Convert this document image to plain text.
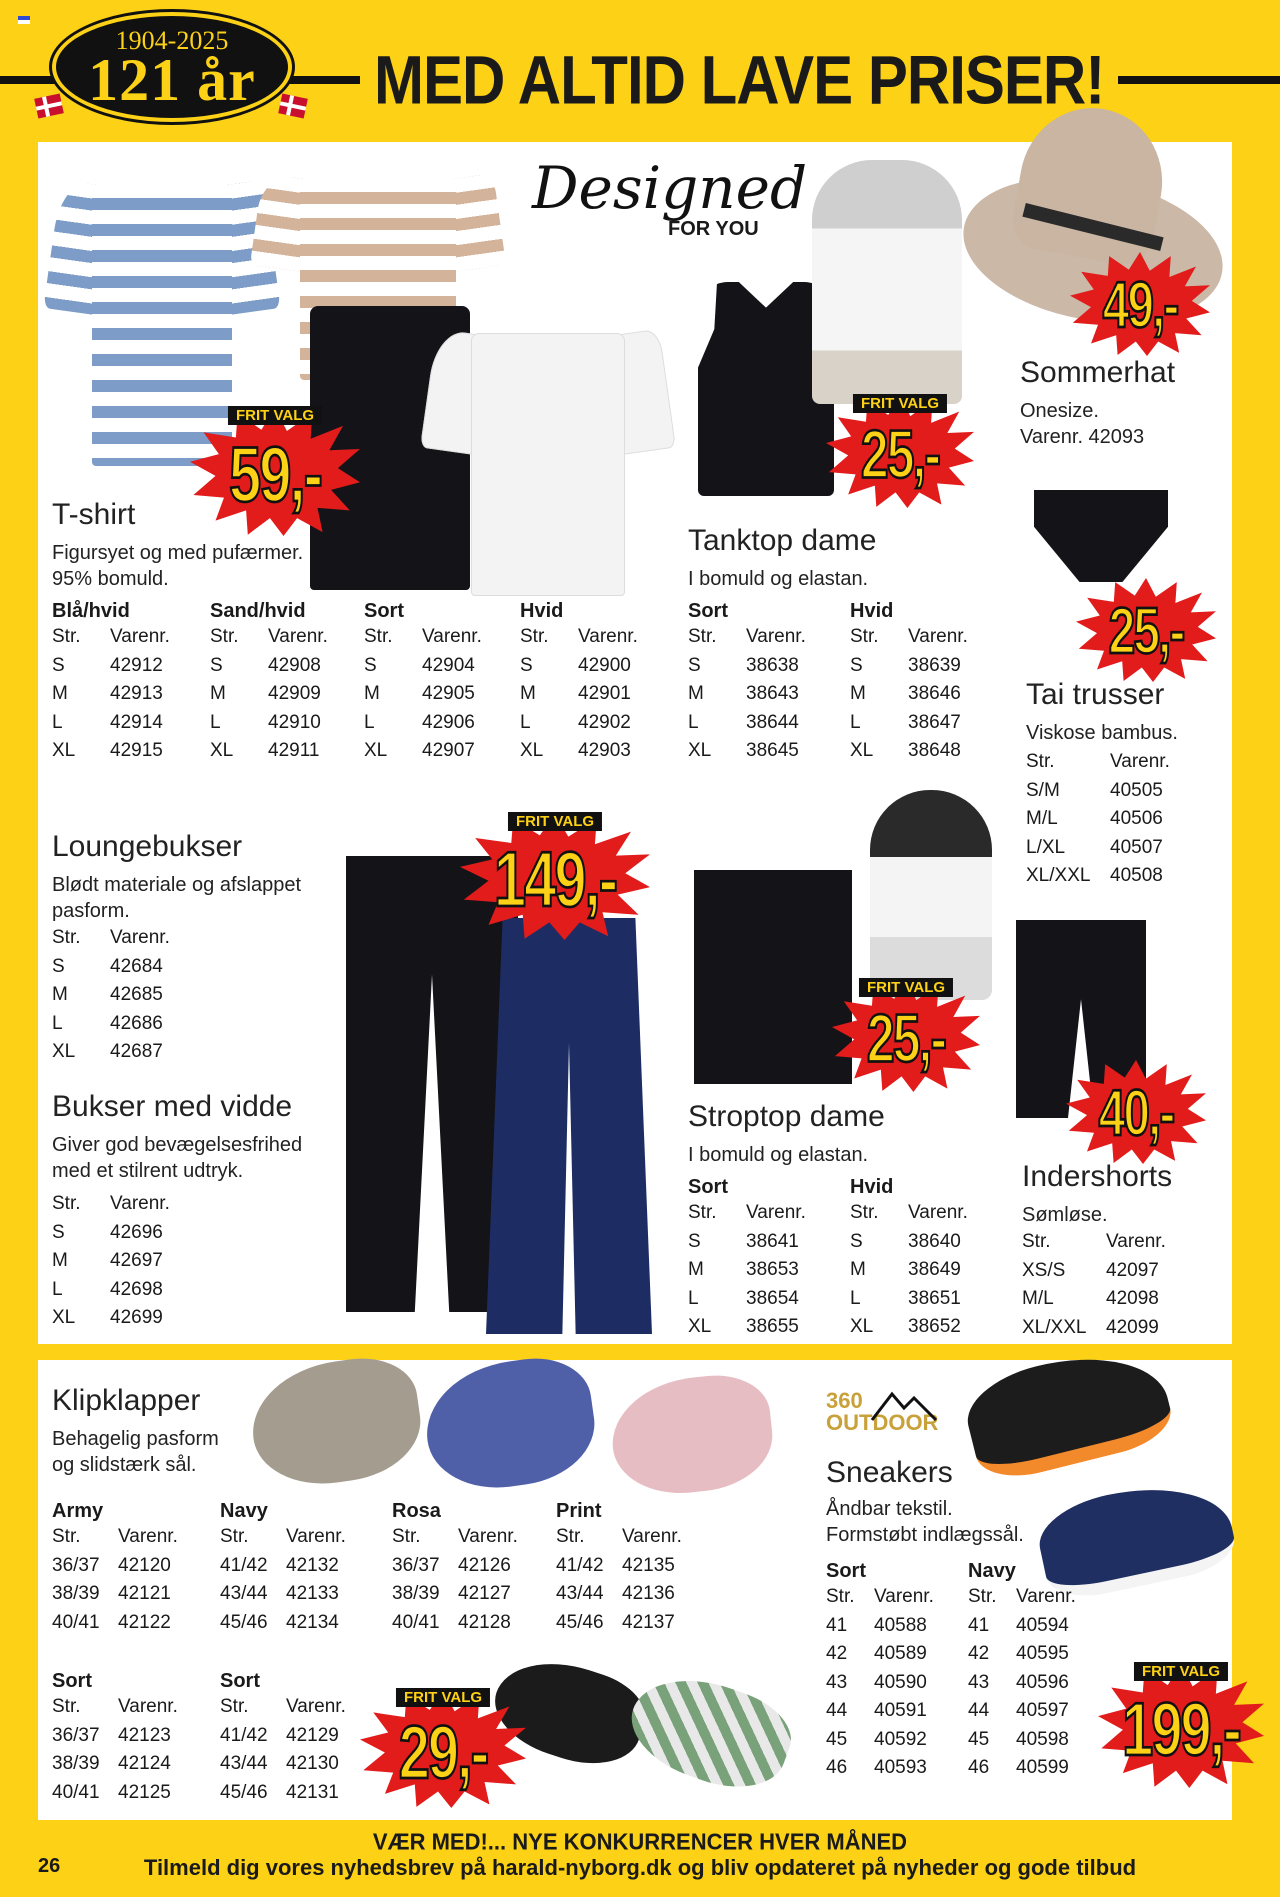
MED ALTID LAVE PRISER!
1904-2025
121 år
Designed
FOR YOU
360
OUTDOOR
T-shirt
Figursyet og med pufærmer.
95% bomuld.
Tanktop dame
I bomuld og elastan.
Sommerhat
Onesize.
Varenr. 42093
Tai trusser
Viskose bambus.
Loungebukser
Blødt materiale og afslappet
pasform.
Bukser med vidde
Giver god bevægelsesfrihed
med et stilrent udtryk.
Stroptop dame
I bomuld og elastan.
Indershorts
Sømløse.
Klipklapper
Behagelig pasform
og slidstærk sål.	Sneakers
Åndbar tekstil.
Formstøbt indlægssål.
VÆR MED!... NYE KONKURRENCER HVER MÅNED
Tilmeld dig vores nyhedsbrev på harald-nyborg.dk og bliv opdateret på nyheder og gode tilbud
26
Blå/hvid
Str.	Varenr.
S	42912
M	42913
L	42914
XL	42915
Sand/hvid
Str.	Varenr.
S	42908
M	42909
L	42910
XL	42911
Sort
Str.	Varenr.
S	42904
M	42905
L	42906
XL	42907
Hvid
Str.	Varenr.
S	42900
M	42901
L	42902
XL	42903
Sort
Str.	Varenr.
S	38638
M	38643
L	38644
XL	38645
Hvid
Str.	Varenr.
S	38639
M	38646
L	38647
XL	38648
Str.	Varenr.
S/M	40505
M/L	40506
L/XL	40507
XL/XXL	40508
Str.	Varenr.
S	42684
M	42685
L	42686
XL	42687
Str.	Varenr.
S	42696
M	42697
L	42698
XL	42699
Sort
Str.	Varenr.
S	38641
M	38653
L	38654
XL	38655
Hvid
Str.	Varenr.
S	38640
M	38649
L	38651
XL	38652
Str.	Varenr.
XS/S	42097
M/L	42098
XL/XXL	42099
Army
Str.	Varenr.
36/37 42120
38/39 42121
40/41 42122
Navy
Str.	Varenr.
41/42 42132
43/44 42133
45/46 42134
Rosa
Str.	Varenr.
36/37 42126
38/39 42127
40/41 42128
Print
Str.	Varenr.
41/42 42135
43/44 42136
45/46 42137
Sort
Str.	Varenr.
36/37 42123
38/39 42124
40/41 42125
Sort
Str.	Varenr.
41/42 42129
43/44 42130
45/46 42131
Sort
Str.	Varenr.
41	40588
42	40589
43	40590
44	40591
45	40592
46	40593
Navy
Str.	Varenr.
41	40594
42	40595
43	40596
44	40597
45	40598
46	40599
59,-
FRIT VALG
25,-
FRIT VALG
49,-
25,-
149,-
FRIT VALG
25,-
FRIT VALG
40,-
29,-
FRIT VALG	199,-
FRIT VALG
